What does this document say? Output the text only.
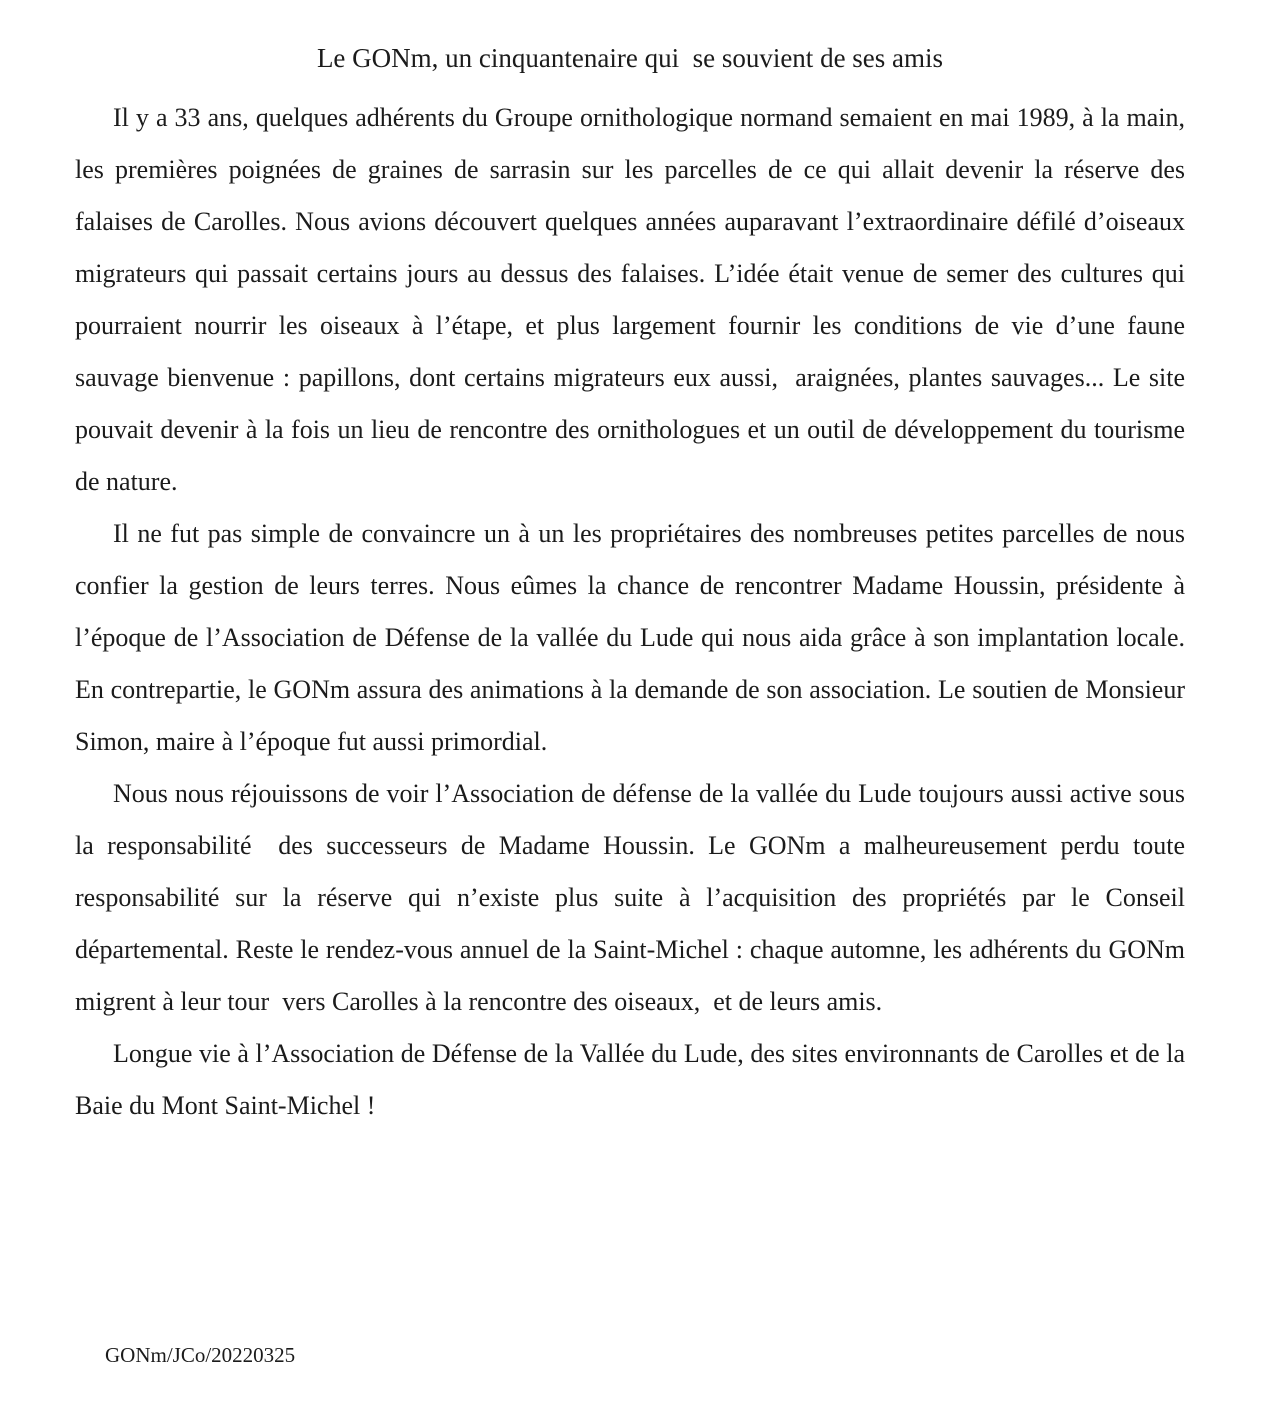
Le GONm, un cinquantenaire qui  se souvient de ses amis

Il y a 33 ans, quelques adhérents du Groupe ornithologique normand semaient en mai 1989, à la main, les premières poignées de graines de sarrasin sur les parcelles de ce qui allait devenir la réserve des falaises de Carolles. Nous avions découvert quelques années auparavant l’extraordinaire défilé d’oiseaux migrateurs qui passait certains jours au dessus des falaises. L’idée était venue de semer des cultures qui pourraient nourrir les oiseaux à l’étape, et plus largement fournir les conditions de vie d’une faune sauvage bienvenue : papillons, dont certains migrateurs eux aussi,  araignées, plantes sauvages... Le site pouvait devenir à la fois un lieu de rencontre des ornithologues et un outil de développement du tourisme de nature.

Il ne fut pas simple de convaincre un à un les propriétaires des nombreuses petites parcelles de nous confier la gestion de leurs terres. Nous eûmes la chance de rencontrer Madame Houssin, présidente à l’époque de l’Association de Défense de la vallée du Lude qui nous aida grâce à son implantation locale. En contrepartie, le GONm assura des animations à la demande de son association. Le soutien de Monsieur Simon, maire à l’époque fut aussi primordial.

Nous nous réjouissons de voir l’Association de défense de la vallée du Lude toujours aussi active sous la responsabilité  des successeurs de Madame Houssin. Le GONm a malheureusement perdu toute responsabilité sur la réserve qui n’existe plus suite à l’acquisition des propriétés par le Conseil départemental. Reste le rendez-vous annuel de la Saint-Michel : chaque automne, les adhérents du GONm migrent à leur tour  vers Carolles à la rencontre des oiseaux,  et de leurs amis.

Longue vie à l’Association de Défense de la Vallée du Lude, des sites environnants de Carolles et de la Baie du Mont Saint-Michel !

GONm/JCo/20220325
